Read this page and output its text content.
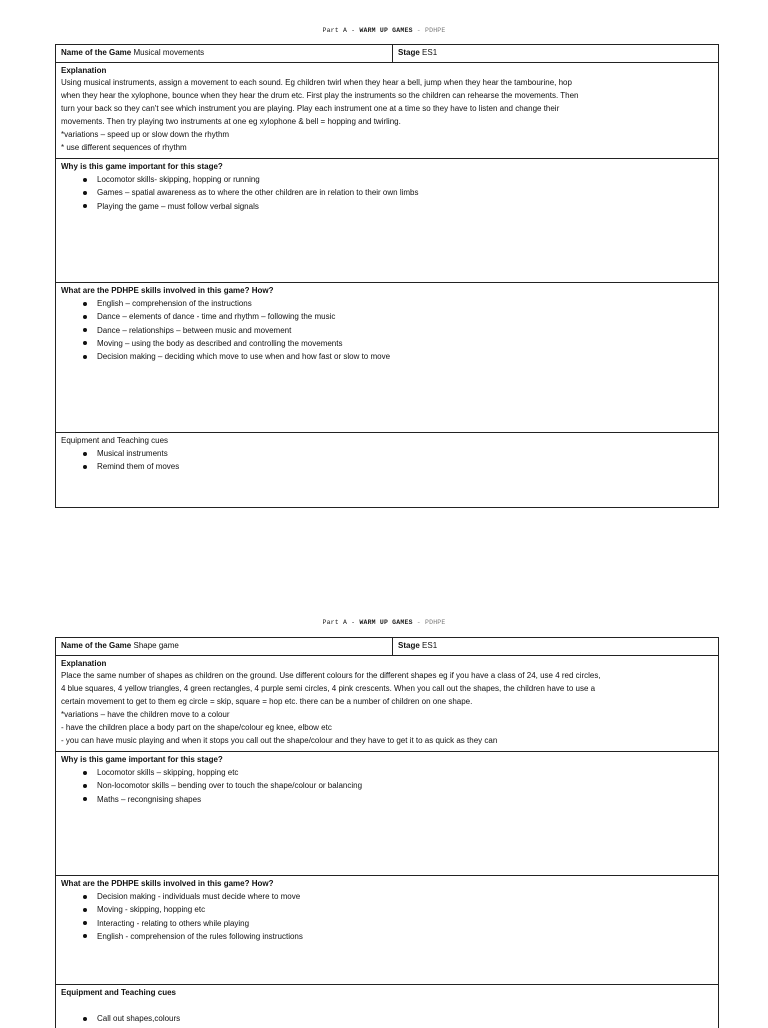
Part A - WARM UP GAMES - PDHPE
Name of the Game Musical movements	Stage ES1
Explanation

Using musical instruments, assign a movement to each sound. Eg children twirl when they hear a bell, jump when they hear the tambourine, hop

when they hear the xylophone, bounce when they hear the drum etc. First play the instruments so the children can rehearse the movements. Then

turn your back so they can't see which instrument you are playing. Play each instrument one at a time so they have to listen and change their

movements. Then try playing two instruments at one eg xylophone & bell = hopping and twirling.

*variations – speed up or slow down the rhythm

* use different sequences of rhythm

Why is this game important for this stage?
Locomotor skills- skipping, hopping or running
Games – spatial awareness as to where the other children are in relation to their own limbs
Playing the game – must follow verbal signals
What are the PDHPE skills involved in this game? How?
English – comprehension of the instructions
Dance – elements of dance - time and rhythm – following the music
Dance – relationships – between music and movement
Moving – using the body as described and controlling the movements
Decision making – deciding which move to use when and how fast or slow to move
Equipment and Teaching cues
Musical instruments
Remind them of moves
Part A - WARM UP GAMES - PDHPE
Name of the Game Shape game	Stage ES1
Explanation

Place the same number of shapes as children on the ground. Use different colours for the different shapes eg if you have a class of 24, use 4 red circles,

4 blue squares, 4 yellow triangles, 4 green rectangles, 4 purple semi circles, 4 pink crescents. When you call out the shapes, the children have to use a

certain movement to get to them eg circle = skip, square = hop etc. there can be a number of children on one shape.

*variations – have the children move to a colour

- have the children place a body part on the shape/colour eg knee, elbow etc

- you can have music playing and when it stops you call out the shape/colour and they have to get it to as quick as they can

Why is this game important for this stage?
Locomotor skills – skipping, hopping etc
Non-locomotor skills – bending over to touch the shape/colour or balancing
Maths – recongnising shapes
What are the PDHPE skills involved in this game? How?
Decision making - individuals must decide where to move
Moving - skipping, hopping etc
Interacting - relating to others while playing
English - comprehension of the rules following instructions
Equipment and Teaching cues
Call out shapes,colours
